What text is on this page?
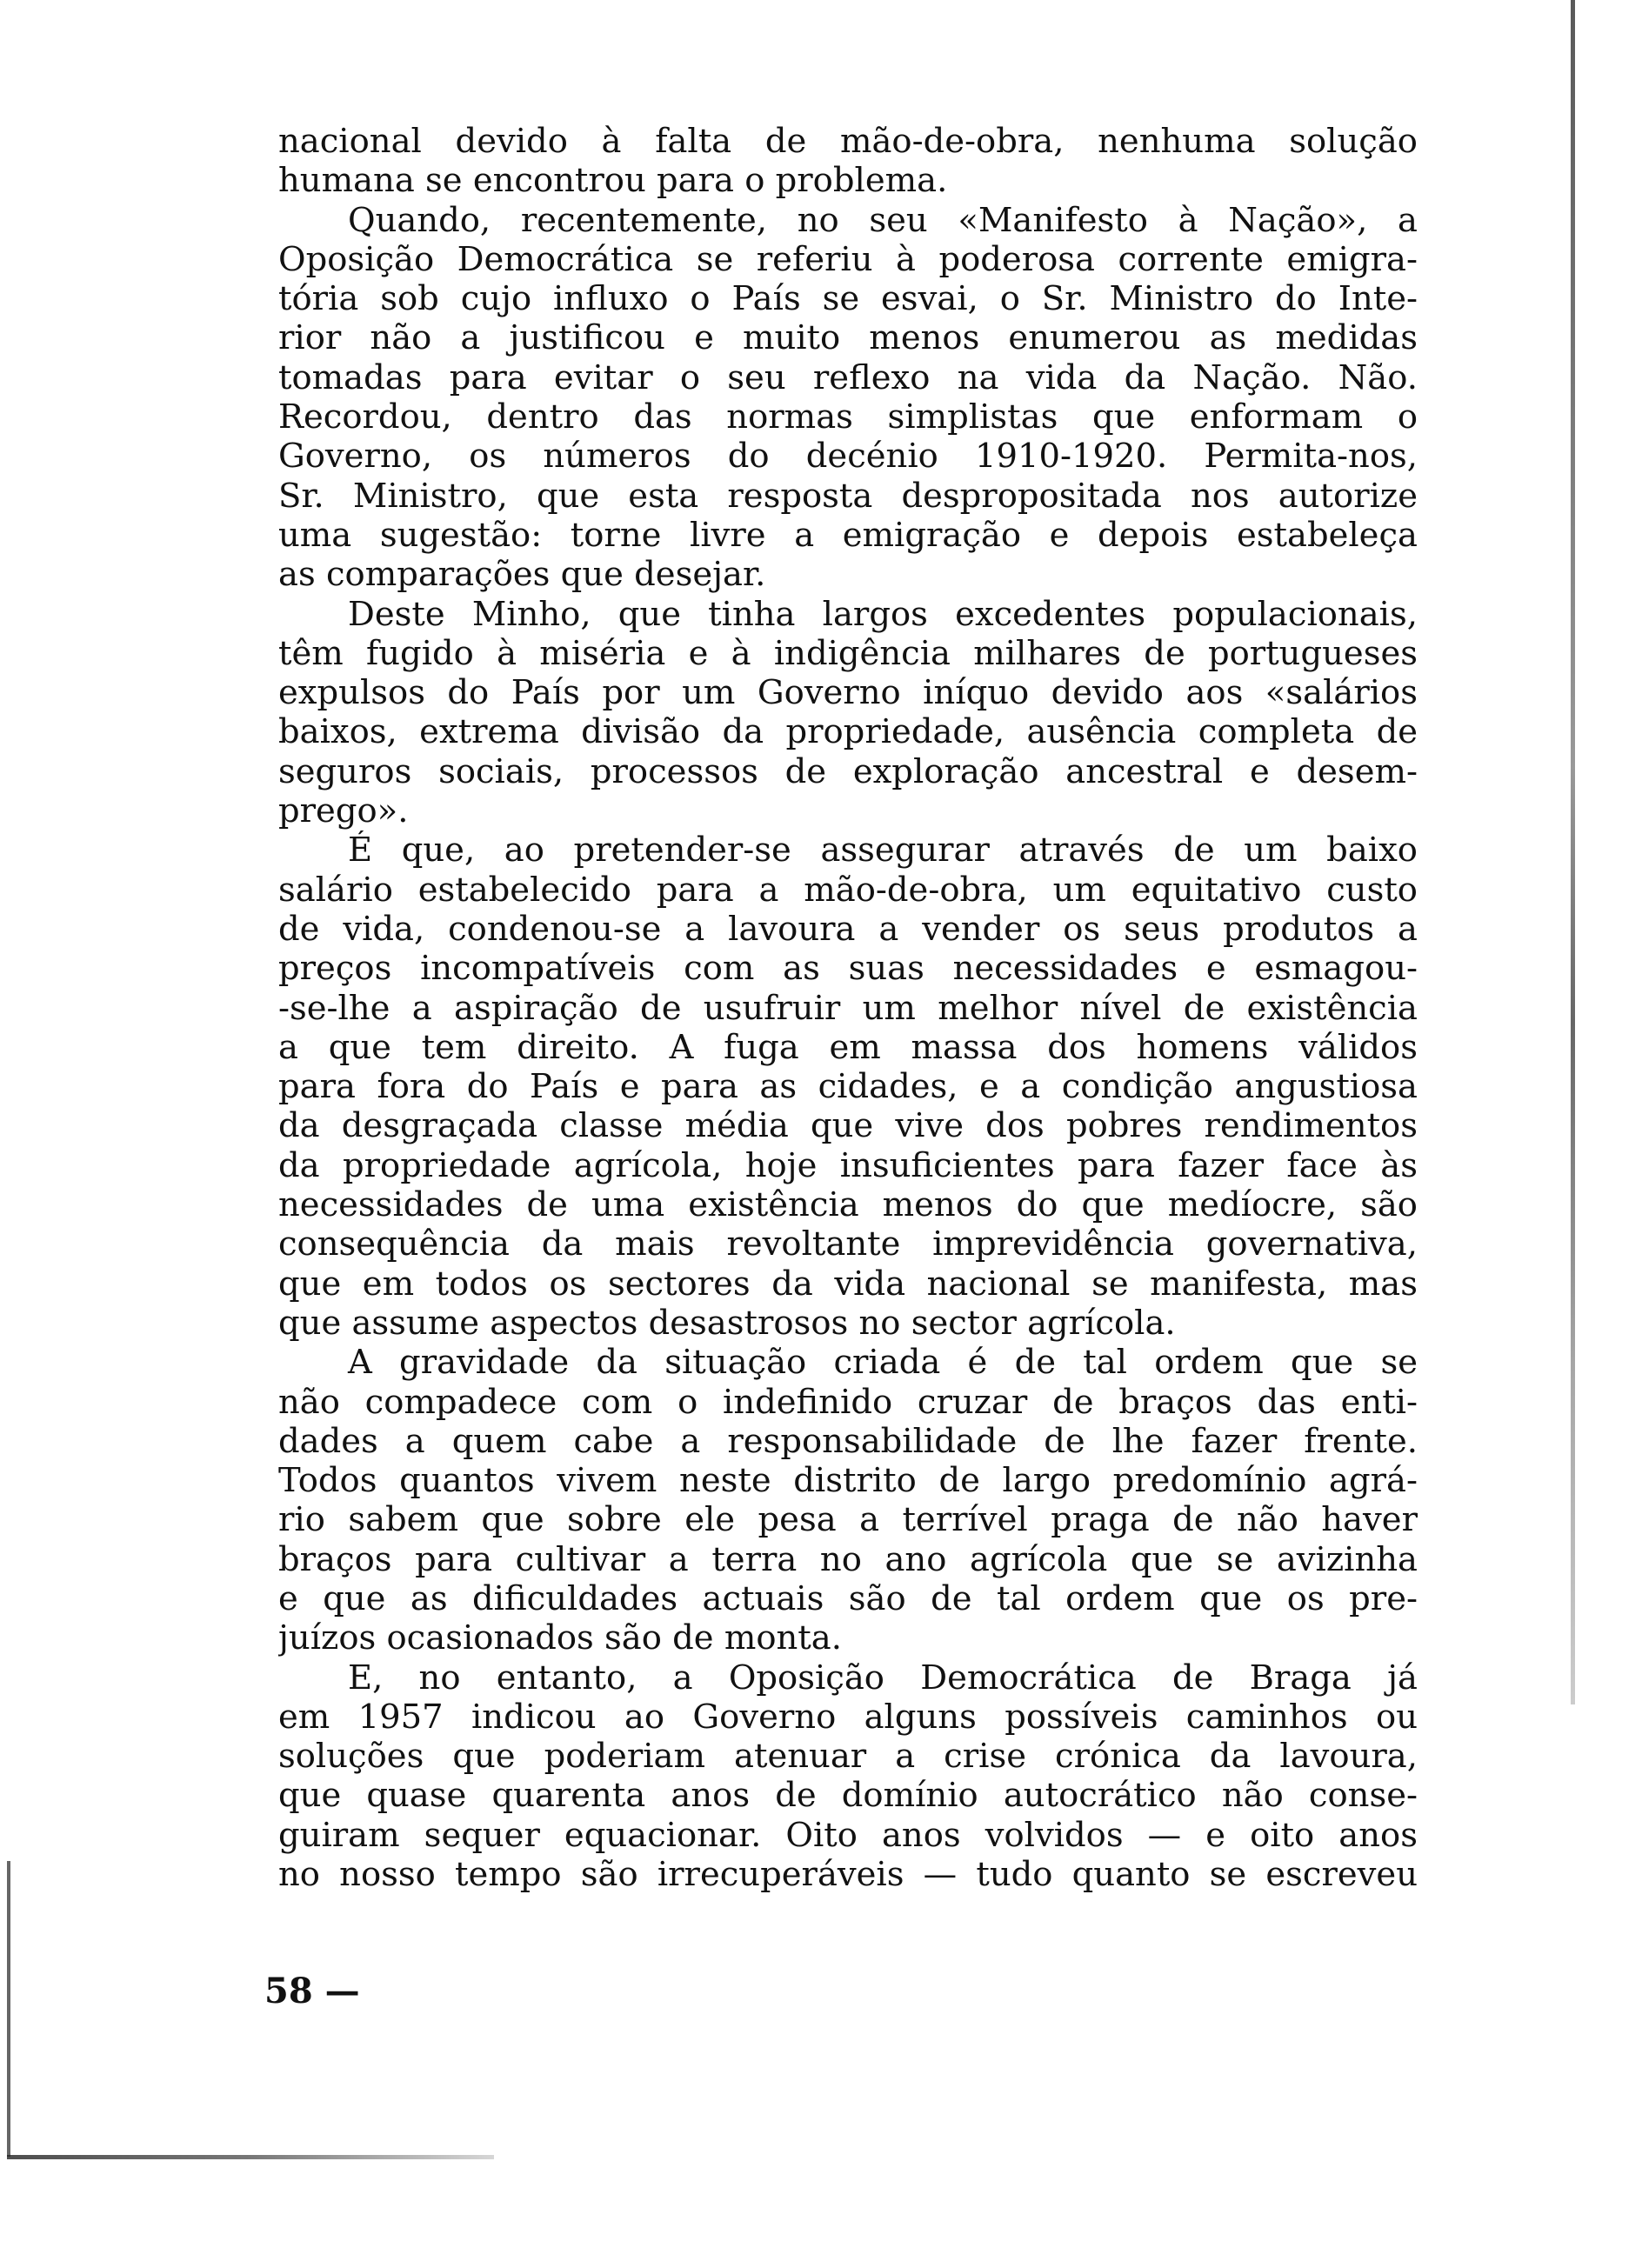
nacional devido à falta de mão-de-obra, nenhuma solução
humana se encontrou para o problema.
Quando, recentemente, no seu «Manifesto à Nação», a
Oposição Democrática se referiu à poderosa corrente emigra-
tória sob cujo influxo o País se esvai, o Sr. Ministro do Inte-
rior não a justificou e muito menos enumerou as medidas
tomadas para evitar o seu reflexo na vida da Nação. Não.
Recordou, dentro das normas simplistas que enformam o
Governo, os números do decénio 1910-1920. Permita-nos,
Sr. Ministro, que esta resposta despropositada nos autorize
uma sugestão: torne livre a emigração e depois estabeleça
as comparações que desejar.
Deste Minho, que tinha largos excedentes populacionais,
têm fugido à miséria e à indigência milhares de portugueses
expulsos do País por um Governo iníquo devido aos «salários
baixos, extrema divisão da propriedade, ausência completa de
seguros sociais, processos de exploração ancestral e desem-
prego».
É que, ao pretender-se assegurar através de um baixo
salário estabelecido para a mão-de-obra, um equitativo custo
de vida, condenou-se a lavoura a vender os seus produtos a
preços incompatíveis com as suas necessidades e esmagou-
-se-lhe a aspiração de usufruir um melhor nível de existência
a que tem direito. A fuga em massa dos homens válidos
para fora do País e para as cidades, e a condição angustiosa
da desgraçada classe média que vive dos pobres rendimentos
da propriedade agrícola, hoje insuficientes para fazer face às
necessidades de uma existência menos do que medíocre, são
consequência da mais revoltante imprevidência governativa,
que em todos os sectores da vida nacional se manifesta, mas
que assume aspectos desastrosos no sector agrícola.
A gravidade da situação criada é de tal ordem que se
não compadece com o indefinido cruzar de braços das enti-
dades a quem cabe a responsabilidade de lhe fazer frente.
Todos quantos vivem neste distrito de largo predomínio agrá-
rio sabem que sobre ele pesa a terrível praga de não haver
braços para cultivar a terra no ano agrícola que se avizinha
e que as dificuldades actuais são de tal ordem que os pre-
juízos ocasionados são de monta.
E, no entanto, a Oposição Democrática de Braga já
em 1957 indicou ao Governo alguns possíveis caminhos ou
soluções que poderiam atenuar a crise crónica da lavoura,
que quase quarenta anos de domínio autocrático não conse-
guiram sequer equacionar. Oito anos volvidos — e oito anos
no nosso tempo são irrecuperáveis — tudo quanto se escreveu
58 —
